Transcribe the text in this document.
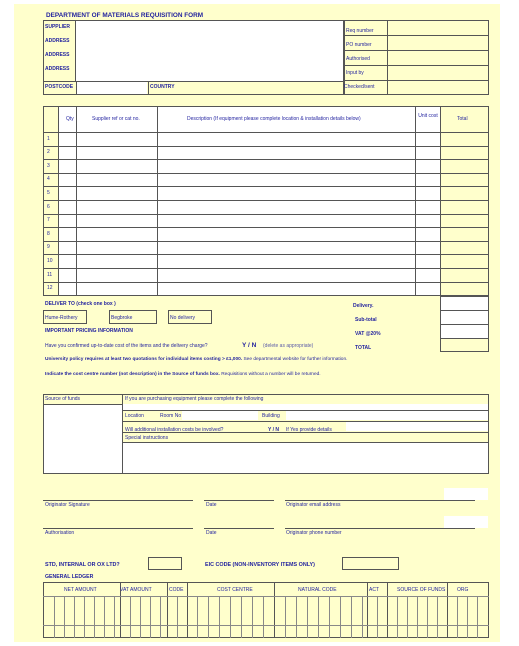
DEPARTMENT OF MATERIALS REQUISITION FORM
SUPPLIER
ADDRESS
ADDRESS
ADDRESS
POSTCODE	COUNTRY
Req number
PO number
Authorised
Input by
Checked/sent
Qty	Supplier ref or cat no.	Description (If equipment please complete location & installation details below)	Unit cost	Total
1
2
3
4
5
6
7
8
9
10
11
12
Delivery.
Sub-total
VAT @20%
TOTAL
DELIVER TO (check one box )
Hume-Rothery	Begbroke	No delivery
IMPORTANT PRICING INFORMATION
Have you confirmed up-to-date cost of the items and the delivery charge?	Y / N (delete as appropriate)
University policy requires at least two quotations for individual items costing > £1,000. See departmental website for further information.
Indicate the cost centre number (not description) in the Source of funds box. Requisitions without a number will be returned.
Source of funds	If you are purchasing equipment please complete the following
Location	Room No	Building
Will additional installation costs be involved?	Y / N If Yes provide details
Special instructions
Originator Signature	Date	Originator email address
Authorisation	Date	Originator phone number
STD, INTERNAL OR OX LTD?	EIC CODE (NON-INVENTORY ITEMS ONLY)
GENERAL LEDGER
NET AMOUNT	VAT AMOUNT	CODE	COST CENTRE	NATURAL CODE	ACT	SOURCE OF FUNDS ORG
